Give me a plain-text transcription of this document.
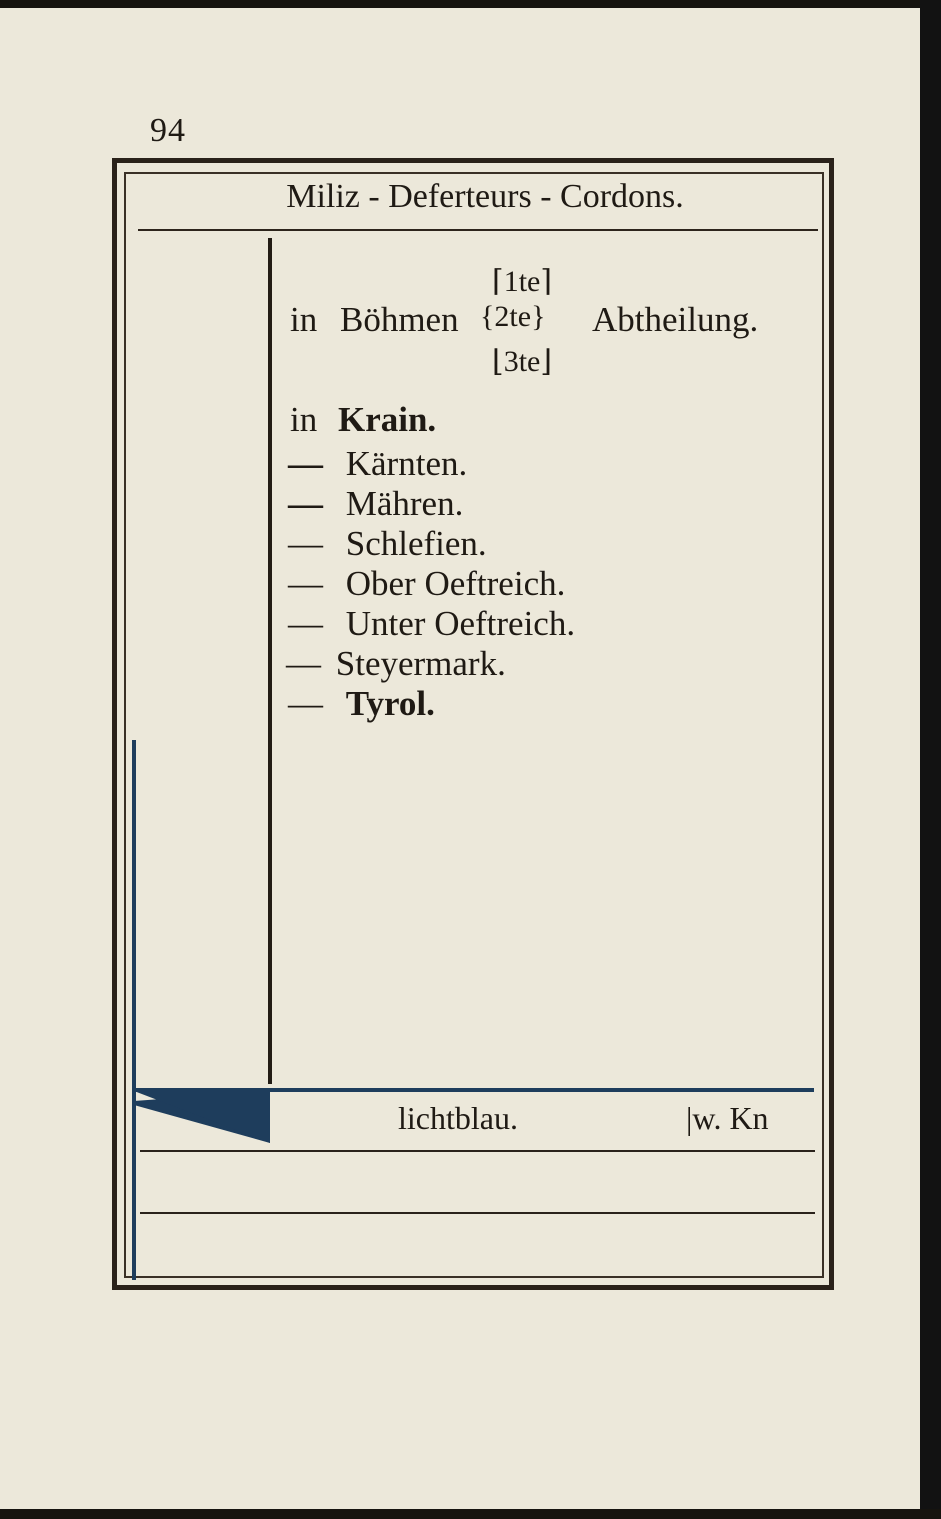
94
Miliz - Deferteurs - Cordons.
in Böhmen
⌈1te⌉
{2te}
⌊3te⌋
Abtheilung.
in Krain.
— Kärnten.
— Mähren.
— Schlefien.
— Ober Oeftreich.
— Unter Oeftreich.
— Steyermark.
— Tyrol.
lichtblau.	|w. Kn
